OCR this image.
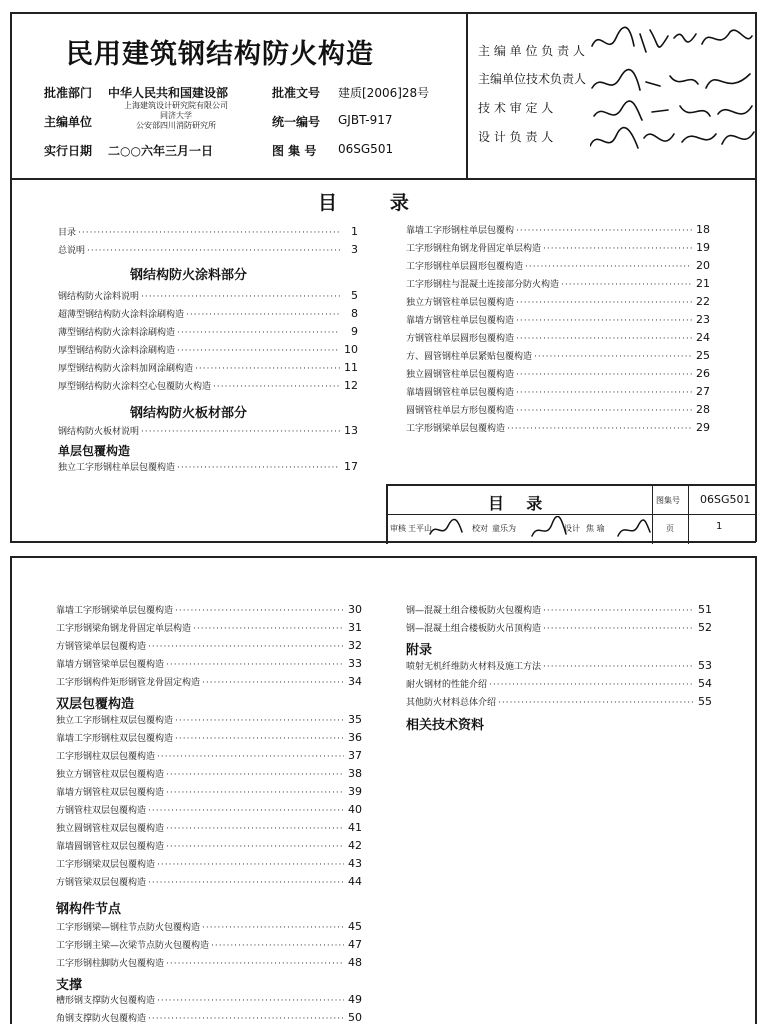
民用建筑钢结构防火构造
批准部门 中华人民共和国建设部
主编单位
上海建筑设计研究院有限公司
同济大学
公安部四川消防研究所
实行日期 二○○六年三月一日
批准文号 建质[2006]28号
统一编号 GJBT-917
图 集 号 06SG501
主 编 单 位 负 责 人
主编单位技术负责人
技 术 审 定 人
设 计 负 责 人
目        录
目录 ·····	1
总说明 ·····	3
钢结构防火涂料部分
钢结构防火涂料说明 ·····	5
超薄型钢结构防火涂料涂刷构造 ·····	8
薄型钢结构防火涂料涂刷构造 ·····	9
厚型钢结构防火涂料涂刷构造 ·····	10
厚型钢结构防火涂料加网涂刷构造 ·····	11
厚型钢结构防火涂料空心包覆防火构造 ·····	12
钢结构防火板材部分
钢结构防火板材说明 ·····	13
单层包覆构造
独立工字形钢柱单层包覆构造 ·····	17
靠墙工字形钢柱单层包覆构 ·····	18
工字形钢柱角钢龙骨固定单层构造 ·····	19
工字形钢柱单层圆形包覆构造 ·····	20
工字形钢柱与混凝土连接部分防火构造 ·····	21
独立方钢管柱单层包覆构造 ·····	22
靠墙方钢管柱单层包覆构造 ·····	23
方钢管柱单层圆形包覆构造 ·····	24
方、圆管钢柱单层紧贴包覆构造 ·····	25
独立圆钢管柱单层包覆构造 ·····	26
靠墙圆钢管柱单层包覆构造 ·····	27
圆钢管柱单层方形包覆构造 ·····	28
工字形钢梁单层包覆构造 ·····	29
目    录	图集号 06SG501
审核 王平山	校对 童乐为	设计 焦 瑜	页	1
靠墙工字形钢梁单层包覆构造 ·····	30
工字形钢梁角钢龙骨固定单层构造 ·····	31
方钢管梁单层包覆构造 ·····	32
靠墙方钢管梁单层包覆构造 ·····	33
工字形钢构件矩形钢管龙骨固定构造 ·····	34
双层包覆构造
独立工字形钢柱双层包覆构造 ·····	35
靠墙工字形钢柱双层包覆构造 ·····	36
工字形钢柱双层包覆构造 ·····	37
独立方钢管柱双层包覆构造 ·····	38
靠墙方钢管柱双层包覆构造 ·····	39
方钢管柱双层包覆构造 ·····	40
独立圆钢管柱双层包覆构造 ·····	41
靠墙圆钢管柱双层包覆构造 ·····	42
工字形钢梁双层包覆构造 ·····	43
方钢管梁双层包覆构造 ·····	44
钢构件节点
工字形钢梁—钢柱节点防火包覆构造 ·····	45
工字形钢主梁—次梁节点防火包覆构造 ·····	47
工字形钢柱脚防火包覆构造 ·····	48
支撑
槽形钢支撑防火包覆构造 ·····	49
角钢支撑防火包覆构造 ·····	50
钢—混凝土组合楼板防火包覆构造 ·····	51
钢—混凝土组合楼板防火吊顶构造 ·····	52
附录
喷射无机纤维防火材料及施工方法 ·····	53
耐火钢材的性能介绍 ·····	54
其他防火材料总体介绍 ·····	55
相关技术资料
